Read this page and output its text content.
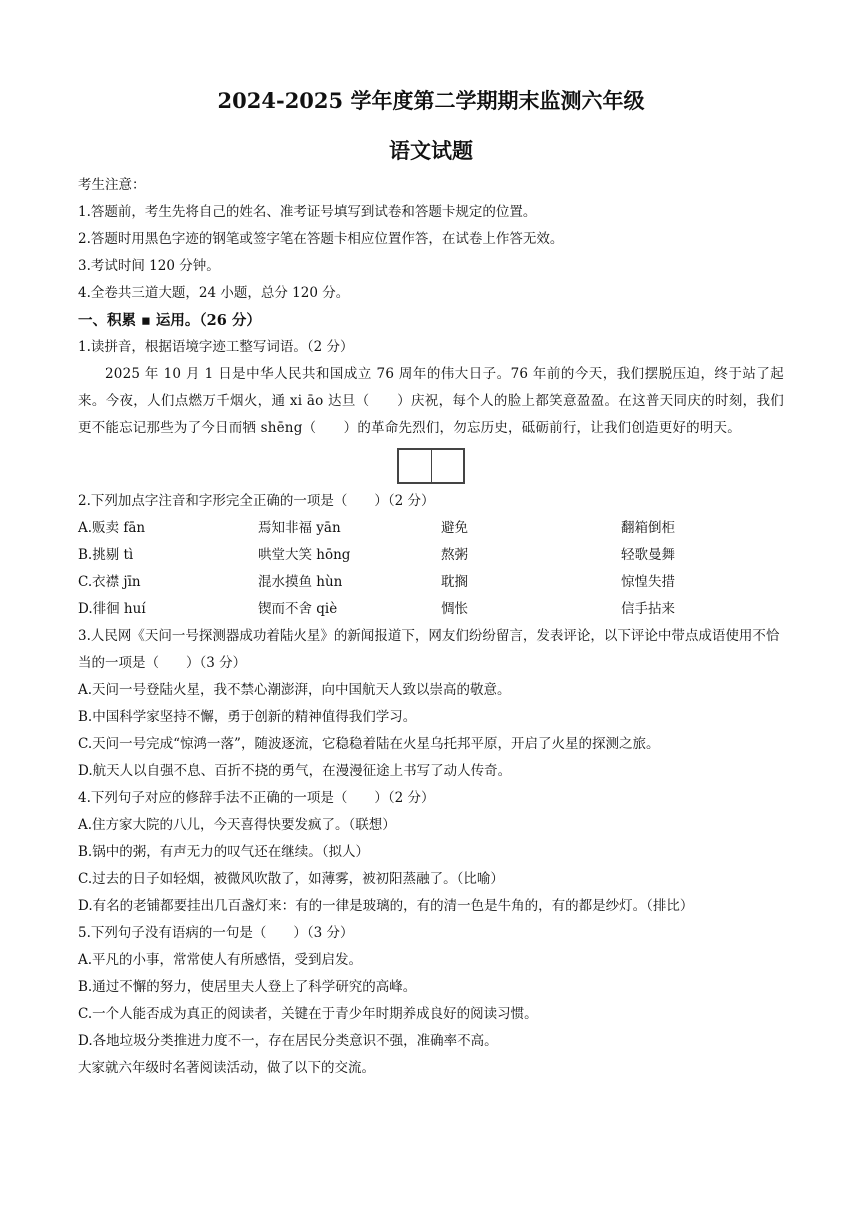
2024-2025 学年度第二学期期末监测六年级
语文试题
考生注意：
1.答题前，考生先将自己的姓名、准考证号填写到试卷和答题卡规定的位置。
2.答题时用黑色字迹的钢笔或签字笔在答题卡相应位置作答，在试卷上作答无效。
3.考试时间 120 分钟。
4.全卷共三道大题，24 小题，总分 120 分。
一、积累 ▪ 运用。（26 分）
1.读拼音，根据语境字迹工整写词语。（2 分）
2025 年 10 月 1 日是中华人民共和国成立 76 周年的伟大日子。76 年前的今天，我们摆脱压迫，终于站了起来。今夜，人们点燃万千烟火，通 xi āo 达旦（　　）庆祝，每个人的脸上都笑意盈盈。在这普天同庆的时刻，我们更不能忘记那些为了今日而牺 shēng（　　）的革命先烈们，勿忘历史，砥砺前行，让我们创造更好的明天。
2.下列加点字注音和字形完全正确的一项是（　　）（2 分）
A.贩卖 fān	焉知非福 yān	避免	翻箱倒柜
B.挑剔 tì	哄堂大笑 hōng	熬粥	轻歌曼舞
C.衣襟 jīn	混水摸鱼 hùn	耽搁	惊惶失措
D.徘徊 huí	锲而不舍 qiè	惆怅	信手拈来
3.人民网《天问一号探测器成功着陆火星》的新闻报道下，网友们纷纷留言，发表评论，以下评论中带点成语使用不恰当的一项是（　　）（3 分）
A.天问一号登陆火星，我不禁心潮澎湃，向中国航天人致以崇高的敬意。
B.中国科学家坚持不懈，勇于创新的精神值得我们学习。
C.天问一号完成“惊鸿一落”，随波逐流，它稳稳着陆在火星乌托邦平原，开启了火星的探测之旅。
D.航天人以自强不息、百折不挠的勇气，在漫漫征途上书写了动人传奇。
4.下列句子对应的修辞手法不正确的一项是（　　）（2 分）
A.住方家大院的八儿，今天喜得快要发疯了。（联想）
B.锅中的粥，有声无力的叹气还在继续。（拟人）
C.过去的日子如轻烟，被微风吹散了，如薄雾，被初阳蒸融了。（比喻）
D.有名的老铺都要挂出几百盏灯来：有的一律是玻璃的，有的清一色是牛角的，有的都是纱灯。（排比）
5.下列句子没有语病的一句是（　　）（3 分）
A.平凡的小事，常常使人有所感悟，受到启发。
B.通过不懈的努力，使居里夫人登上了科学研究的高峰。
C.一个人能否成为真正的阅读者，关键在于青少年时期养成良好的阅读习惯。
D.各地垃圾分类推进力度不一，存在居民分类意识不强，准确率不高。
大家就六年级时名著阅读活动，做了以下的交流。
